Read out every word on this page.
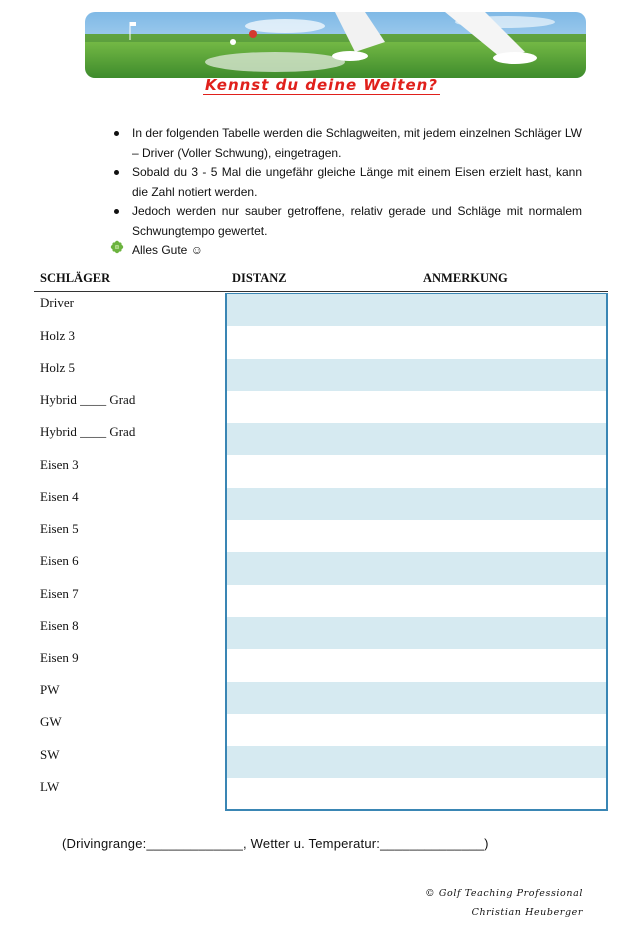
Kennst du deine Weiten?
In der folgenden Tabelle werden die Schlagweiten, mit jedem einzelnen Schläger LW – Driver (Voller Schwung), eingetragen.
Sobald du 3 - 5 Mal die ungefähr gleiche Länge mit einem Eisen erzielt hast, kann die Zahl notiert werden.
Jedoch werden nur sauber getroffene, relativ gerade und Schläge mit normalem Schwungtempo gewertet.
Alles Gute ☺
SCHLÄGER	DISTANZ	ANMERKUNG
Driver
Holz 3
Holz 5
Hybrid ____ Grad
Hybrid ____ Grad
Eisen 3
Eisen 4
Eisen 5
Eisen 6
Eisen 7
Eisen 8
Eisen 9
PW
GW
SW
LW
(Drivingrange:_____________, Wetter u. Temperatur:______________)
© Golf Teaching Professional
Christian Heuberger
